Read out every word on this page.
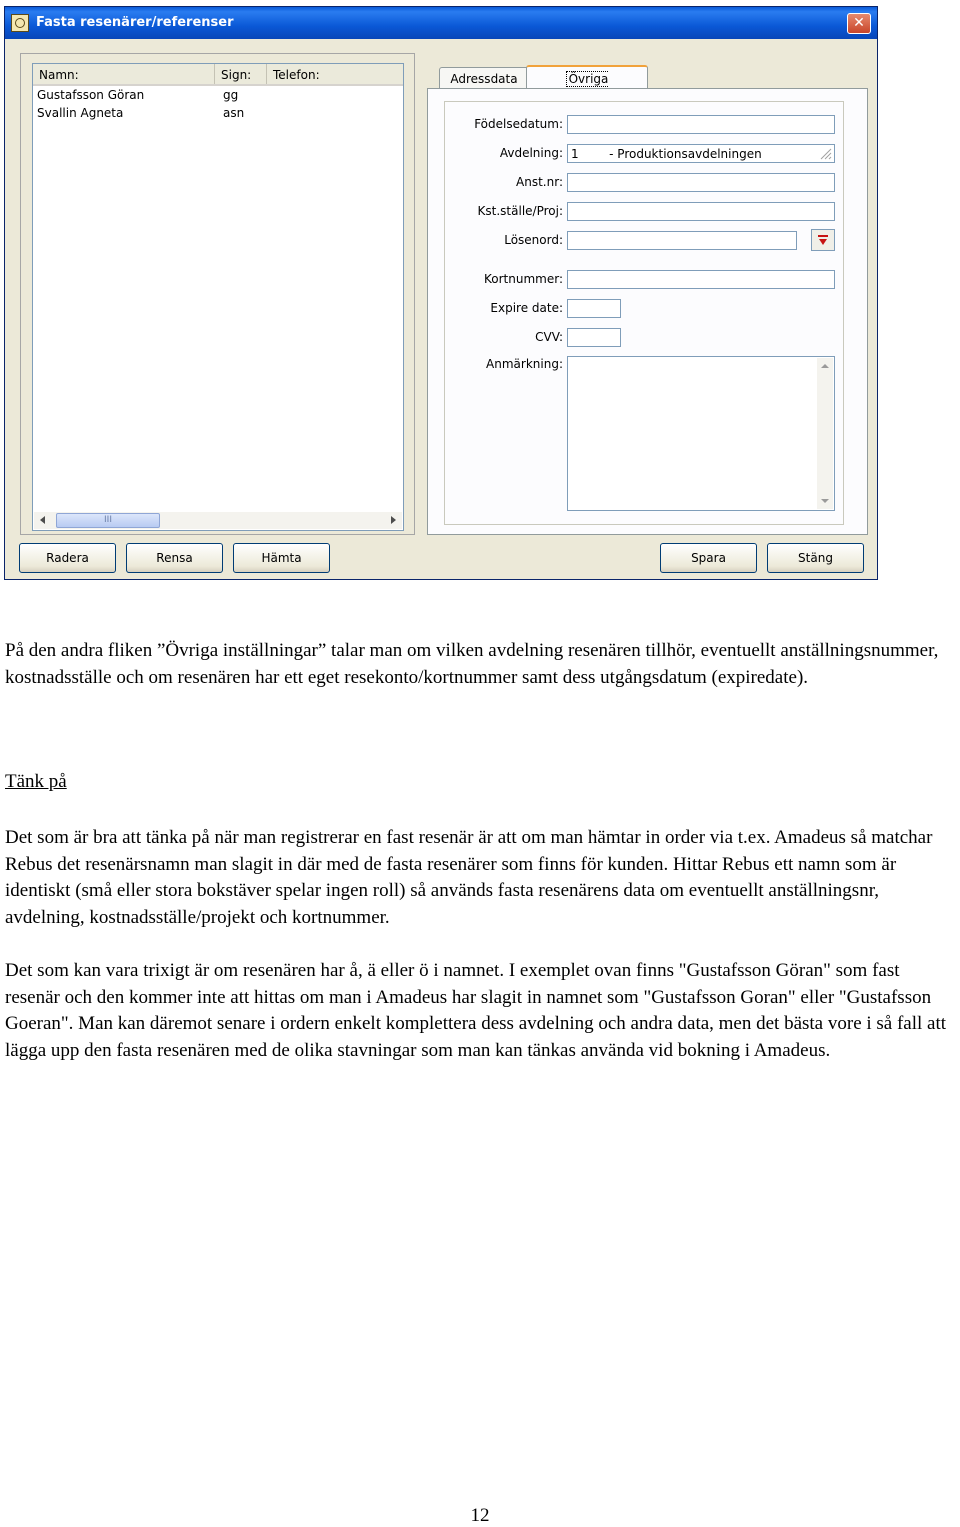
Fasta resenärer/referenser	✕
Namn:	Sign:	Telefon:
Gustafsson Göran	gg
Svallin Agneta	asn
III
Adressdata	Övriga
Födelsedatum:
Avdelning: 1        - Produktionsavdelningen
Anst.nr:
Kst.ställe/Proj:
Lösenord:
Kortnummer:
Expire date:
CVV:
Anmärkning:
Radera	Rensa	Hämta	Spara	Stäng
På den andra fliken ”Övriga inställningar” talar man om vilken avdelning resenären tillhör, eventuellt anställningsnummer, kostnadsställe och om resenären har ett eget resekonto/kortnummer samt dess utgångsdatum (expiredate).
Tänk på
Det som är bra att tänka på när man registrerar en fast resenär är att om man hämtar in order via t.ex. Amadeus så matchar Rebus det resenärsnamn man slagit in där med de fasta resenärer som finns för kunden. Hittar Rebus ett namn som är identiskt (små eller stora bokstäver spelar ingen roll) så används fasta resenärens data om eventuellt anställningsnr, avdelning, kostnadsställe/projekt och kortnummer.
Det som kan vara trixigt är om resenären har å, ä eller ö i namnet. I exemplet ovan finns "Gustafsson Göran" som fast resenär och den kommer inte att hittas om man i Amadeus har slagit in namnet som "Gustafsson Goran" eller "Gustafsson Goeran". Man kan däremot senare i ordern enkelt komplettera dess avdelning och andra data, men det bästa vore i så fall att lägga upp den fasta resenären med de olika stavningar som man kan tänkas använda vid bokning i Amadeus.
12
